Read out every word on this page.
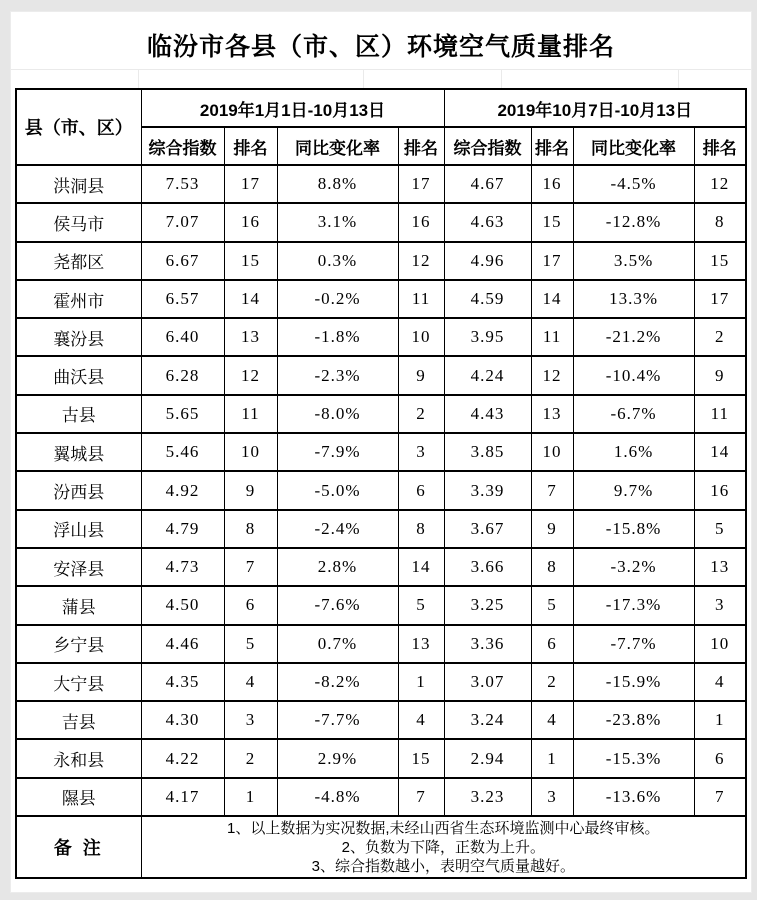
临汾市各县（市、区）环境空气质量排名
县（市、区）	2019年1月1日-10月13日				2019年10月7日-10月13日			
	综合指数	排名	同比变化率	排名	综合指数	排名	同比变化率	排名
洪洞县	7.53	17	8.8%	17	4.67	16	-4.5%	12
侯马市	7.07	16	3.1%	16	4.63	15	-12.8%	8
尧都区	6.67	15	0.3%	12	4.96	17	3.5%	15
霍州市	6.57	14	-0.2%	11	4.59	14	13.3%	17
襄汾县	6.40	13	-1.8%	10	3.95	11	-21.2%	2
曲沃县	6.28	12	-2.3%	9	4.24	12	-10.4%	9
古县	5.65	11	-8.0%	2	4.43	13	-6.7%	11
翼城县	5.46	10	-7.9%	3	3.85	10	1.6%	14
汾西县	4.92	9	-5.0%	6	3.39	7	9.7%	16
浮山县	4.79	8	-2.4%	8	3.67	9	-15.8%	5
安泽县	4.73	7	2.8%	14	3.66	8	-3.2%	13
蒲县	4.50	6	-7.6%	5	3.25	5	-17.3%	3
乡宁县	4.46	5	0.7%	13	3.36	6	-7.7%	10
大宁县	4.35	4	-8.2%	1	3.07	2	-15.9%	4
吉县	4.30	3	-7.7%	4	3.24	4	-23.8%	1
永和县	4.22	2	2.9%	15	2.94	1	-15.3%	6
隰县	4.17	1	-4.8%	7	3.23	3	-13.6%	7
备 注	1、以上数据为实况数据,未经山西省生态环境监测中心最终审核。
2、负数为下降，正数为上升。
3、综合指数越小，表明空气质量越好。							
